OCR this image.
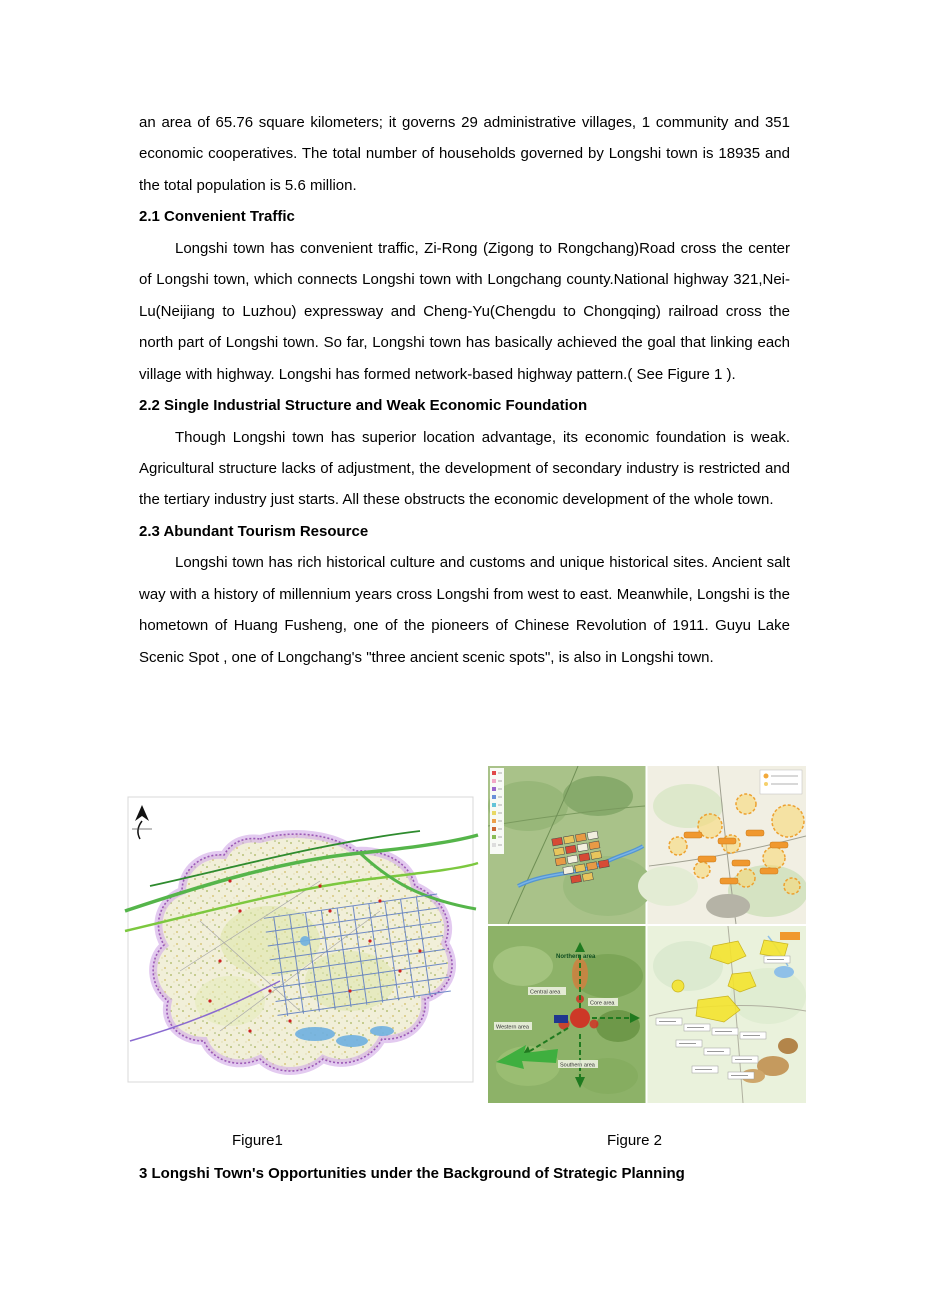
an area of 65.76 square kilometers; it governs 29 administrative villages, 1 community and 351 economic cooperatives. The total number of households governed by Longshi town is 18935 and the total population is 5.6 million.

2.1 Convenient Traffic

Longshi town has convenient traffic, Zi-Rong (Zigong to Rongchang)Road cross the center of Longshi town, which connects Longshi town with Longchang county.National highway 321,Nei-Lu(Neijiang to Luzhou) expressway and Cheng-Yu(Chengdu to Chongqing) railroad cross the north part of Longshi town. So far, Longshi town has basically achieved the goal that linking each village with highway. Longshi has formed network-based highway pattern.( See Figure 1 ).

2.2 Single Industrial Structure and Weak Economic Foundation

Though Longshi town has superior location advantage, its economic foundation is weak. Agricultural structure lacks of adjustment, the development of secondary industry is restricted and the tertiary industry just starts. All these obstructs the economic development of the whole town.

2.3 Abundant Tourism Resource

Longshi town has rich historical culture and customs and unique historical sites. Ancient salt way with a history of millennium years cross Longshi from west to east. Meanwhile, Longshi is the hometown of Huang Fusheng, one of the pioneers of Chinese Revolution of 1911. Guyu Lake Scenic Spot , one of Longchang's "three ancient scenic spots", is also in Longshi town.

Northern area
Central area
Western area
Core area
Southern area
Figure1	Figure 2
3 Longshi Town's Opportunities under the Background of Strategic Planning
